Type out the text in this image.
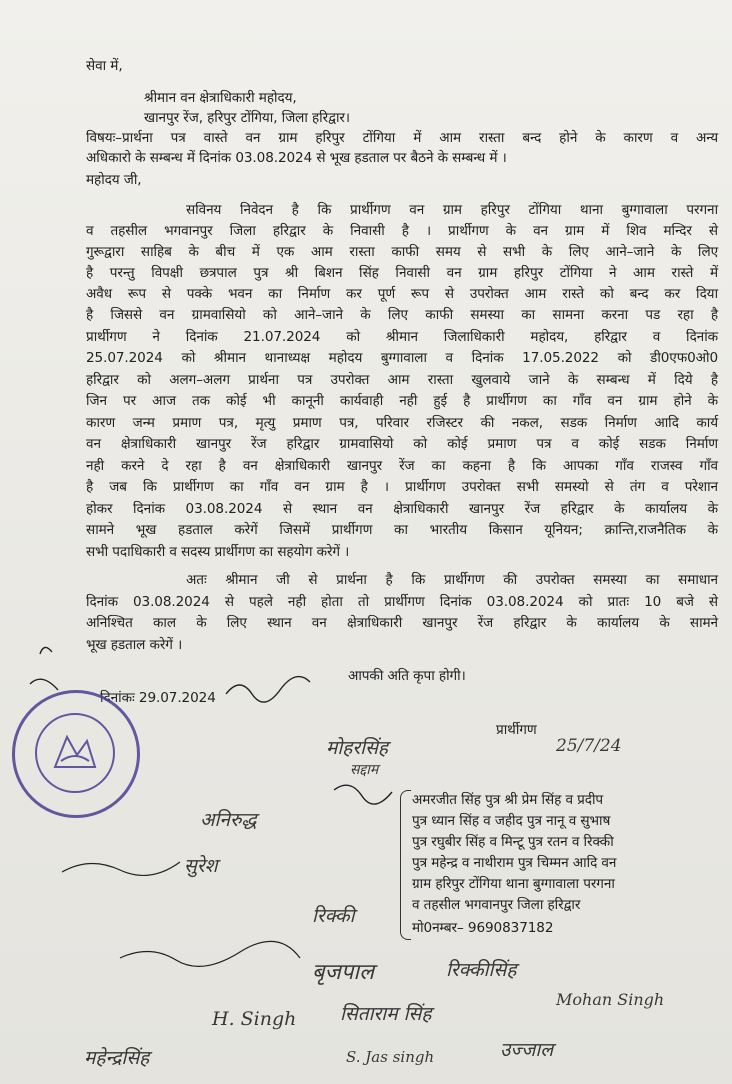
सेवा में,
श्रीमान वन क्षेत्राधिकारी महोदय,
खानपुर रेंज, हरिपुर टोंगिया, जिला हरिद्वार।
विषयः–प्रार्थना पत्र वास्ते वन ग्राम हरिपुर टोंगिया में आम रास्ता बन्द होने के कारण व अन्य
अधिकारो के सम्बन्ध में दिनांक 03.08.2024 से भूख हडताल पर बैठने के सम्बन्ध में ।
महोदय जी,
सविनय निवेदन है कि प्रार्थीगण वन ग्राम हरिपुर टोंगिया थाना बुग्गावाला परगना
व तहसील भगवानपुर जिला हरिद्वार के निवासी है । प्रार्थीगण के वन ग्राम में शिव मन्दिर से
गुरूद्वारा साहिब के बीच में एक आम रास्ता काफी समय से सभी के लिए आने–जाने के लिए
है परन्तु विपक्षी छत्रपाल पुत्र श्री बिशन सिंह निवासी वन ग्राम हरिपुर टोंगिया ने आम रास्ते में
अवैध रूप से पक्के भवन का निर्माण कर पूर्ण रूप से उपरोक्त आम रास्ते को बन्द कर दिया
है जिससे वन ग्रामवासियो को आने–जाने के लिए काफी समस्या का सामना करना पड रहा है
प्रार्थीगण ने दिनांक 21.07.2024 को श्रीमान जिलाधिकारी महोदय, हरिद्वार व दिनांक
25.07.2024 को श्रीमान थानाध्यक्ष महोदय बुग्गावाला व दिनांक 17.05.2022 को डी0एफ0ओ0
हरिद्वार को अलग–अलग प्रार्थना पत्र उपरोक्त आम रास्ता खुलवाये जाने के सम्बन्ध में दिये है
जिन पर आज तक कोई भी कानूनी कार्यवाही नही हुई है प्रार्थीगण का गाँव वन ग्राम होने के
कारण जन्म प्रमाण पत्र, मृत्यु प्रमाण पत्र, परिवार रजिस्टर की नकल, सडक निर्माण आदि कार्य
वन क्षेत्राधिकारी खानपुर रेंज हरिद्वार ग्रामवासियो को कोई प्रमाण पत्र व कोई सडक निर्माण
नही करने दे रहा है वन क्षेत्राधिकारी खानपुर रेंज का कहना है कि आपका गाँव राजस्व गाँव
है जब कि प्रार्थीगण का गाँव वन ग्राम है । प्रार्थीगण उपरोक्त सभी समस्यो से तंग व परेशान
होकर दिनांक 03.08.2024 से स्थान वन क्षेत्राधिकारी खानपुर रेंज हरिद्वार के कार्यालय के
सामने भूख हडताल करेगें जिसमें प्रार्थीगण का भारतीय किसान यूनियन; क्रान्ति,राजनैतिक के
सभी पदाधिकारी व सदस्य प्रार्थीगण का सहयोग करेगें ।
अतः श्रीमान जी से प्रार्थना है कि प्रार्थीगण की उपरोक्त समस्या का समाधान
दिनांक 03.08.2024 से पहले नही होता तो प्रार्थीगण दिनांक 03.08.2024 को प्रातः 10 बजे से
अनिश्चित काल के लिए स्थान वन क्षेत्राधिकारी खानपुर रेंज हरिद्वार के कार्यालय के सामने
भूख हडताल करेगें ।
आपकी अति कृपा होगी।
दिनांकः 29.07.2024
प्रार्थीगण
अमरजीत सिंह पुत्र श्री प्रेम सिंह व प्रदीप
पुत्र ध्यान सिंह व जहीद पुत्र नानू व सुभाष
पुत्र रघुबीर सिंह व मिन्टू पुत्र रतन व रिक्की
पुत्र महेन्द्र व नाथीराम पुत्र चिम्मन आदि वन
ग्राम हरिपुर टोंगिया थाना बुग्गावाला परगना
व तहसील भगवानपुर जिला हरिद्वार
मो0नम्बर– 9690837182
मोहरसिंह	25/7/24
सद्दाम
अनिरुद्ध
सुरेश
रिक्की
बृजपाल	रिक्कीसिंह
H. Singh सिताराम सिंह
Mohan Singh
महेन्द्रसिंह	S. Jas singh	उज्जाल
